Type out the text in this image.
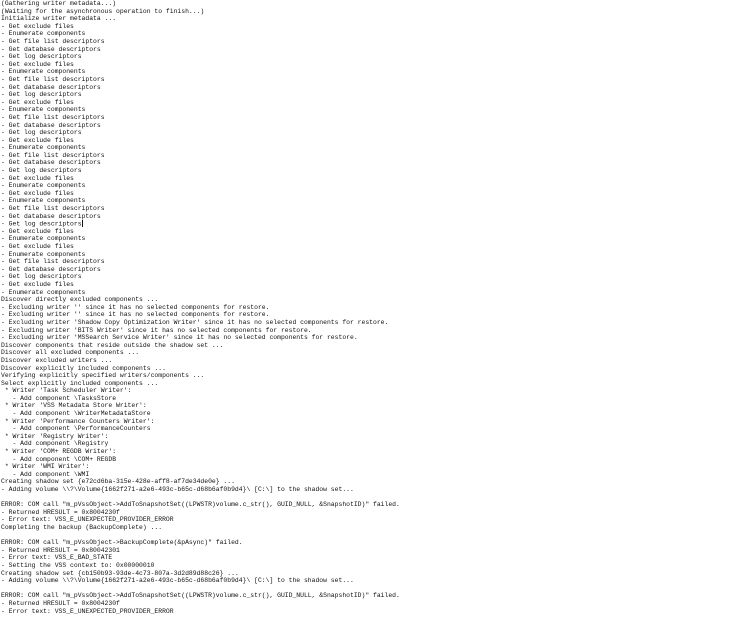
(Gathering writer metadata...)
(Waiting for the asynchronous operation to finish...)
Initialize writer metadata ...
- Get exclude files
- Enumerate components
- Get file list descriptors
- Get database descriptors
- Get log descriptors
- Get exclude files
- Enumerate components
- Get file list descriptors
- Get database descriptors
- Get log descriptors
- Get exclude files
- Enumerate components
- Get file list descriptors
- Get database descriptors
- Get log descriptors
- Get exclude files
- Enumerate components
- Get file list descriptors
- Get database descriptors
- Get log descriptors
- Get exclude files
- Enumerate components
- Get exclude files
- Enumerate components
- Get file list descriptors
- Get database descriptors
- Get log descriptors
- Get exclude files
- Enumerate components
- Get exclude files
- Enumerate components
- Get file list descriptors
- Get database descriptors
- Get log descriptors
- Get exclude files
- Enumerate components
Discover directly excluded components ...
- Excluding writer '' since it has no selected components for restore.
- Excluding writer '' since it has no selected components for restore.
- Excluding writer 'Shadow Copy Optimization Writer' since it has no selected components for restore.
- Excluding writer 'BITS Writer' since it has no selected components for restore.
- Excluding writer 'MSSearch Service Writer' since it has no selected components for restore.
Discover components that reside outside the shadow set ...
Discover all excluded components ...
Discover excluded writers ...
Discover explicitly included components ...
Verifying explicitly specified writers/components ...
Select explicitly included components ...
* Writer 'Task Scheduler Writer':
- Add component \TasksStore
* Writer 'VSS Metadata Store Writer':
- Add component \WriterMetadataStore
* Writer 'Performance Counters Writer':
- Add component \PerformanceCounters
* Writer 'Registry Writer':
- Add component \Registry
* Writer 'COM+ REGDB Writer':
- Add component \COM+ REGDB
* Writer 'WMI Writer':
- Add component \WMI
Creating shadow set {e72cd6ba-315e-428e-aff8-af7de34de0e} ...
- Adding volume \\?\Volume{1662f271-a2e6-493c-b65c-d68b6af0b9d4}\ [C:\] to the shadow set...
ERROR: COM call "m_pVssObject->AddToSnapshotSet((LPWSTR)volume.c_str(), GUID_NULL, &SnapshotID)" failed.
- Returned HRESULT = 0x8004230f
- Error text: VSS_E_UNEXPECTED_PROVIDER_ERROR
Completing the backup (BackupComplete) ...
ERROR: COM call "m_pVssObject->BackupComplete(&pAsync)" failed.
- Returned HRESULT = 0x80042301
- Error text: VSS_E_BAD_STATE
- Setting the VSS context to: 0x00000010
Creating shadow set {cb150b93-93de-4c73-807a-3d2d89d88c26} ...
- Adding volume \\?\Volume{1662f271-a2e6-493c-b65c-d68b6af0b9d4}\ [C:\] to the shadow set...
ERROR: COM call "m_pVssObject->AddToSnapshotSet((LPWSTR)volume.c_str(), GUID_NULL, &SnapshotID)" failed.
- Returned HRESULT = 0x8004230f
- Error text: VSS_E_UNEXPECTED_PROVIDER_ERROR
